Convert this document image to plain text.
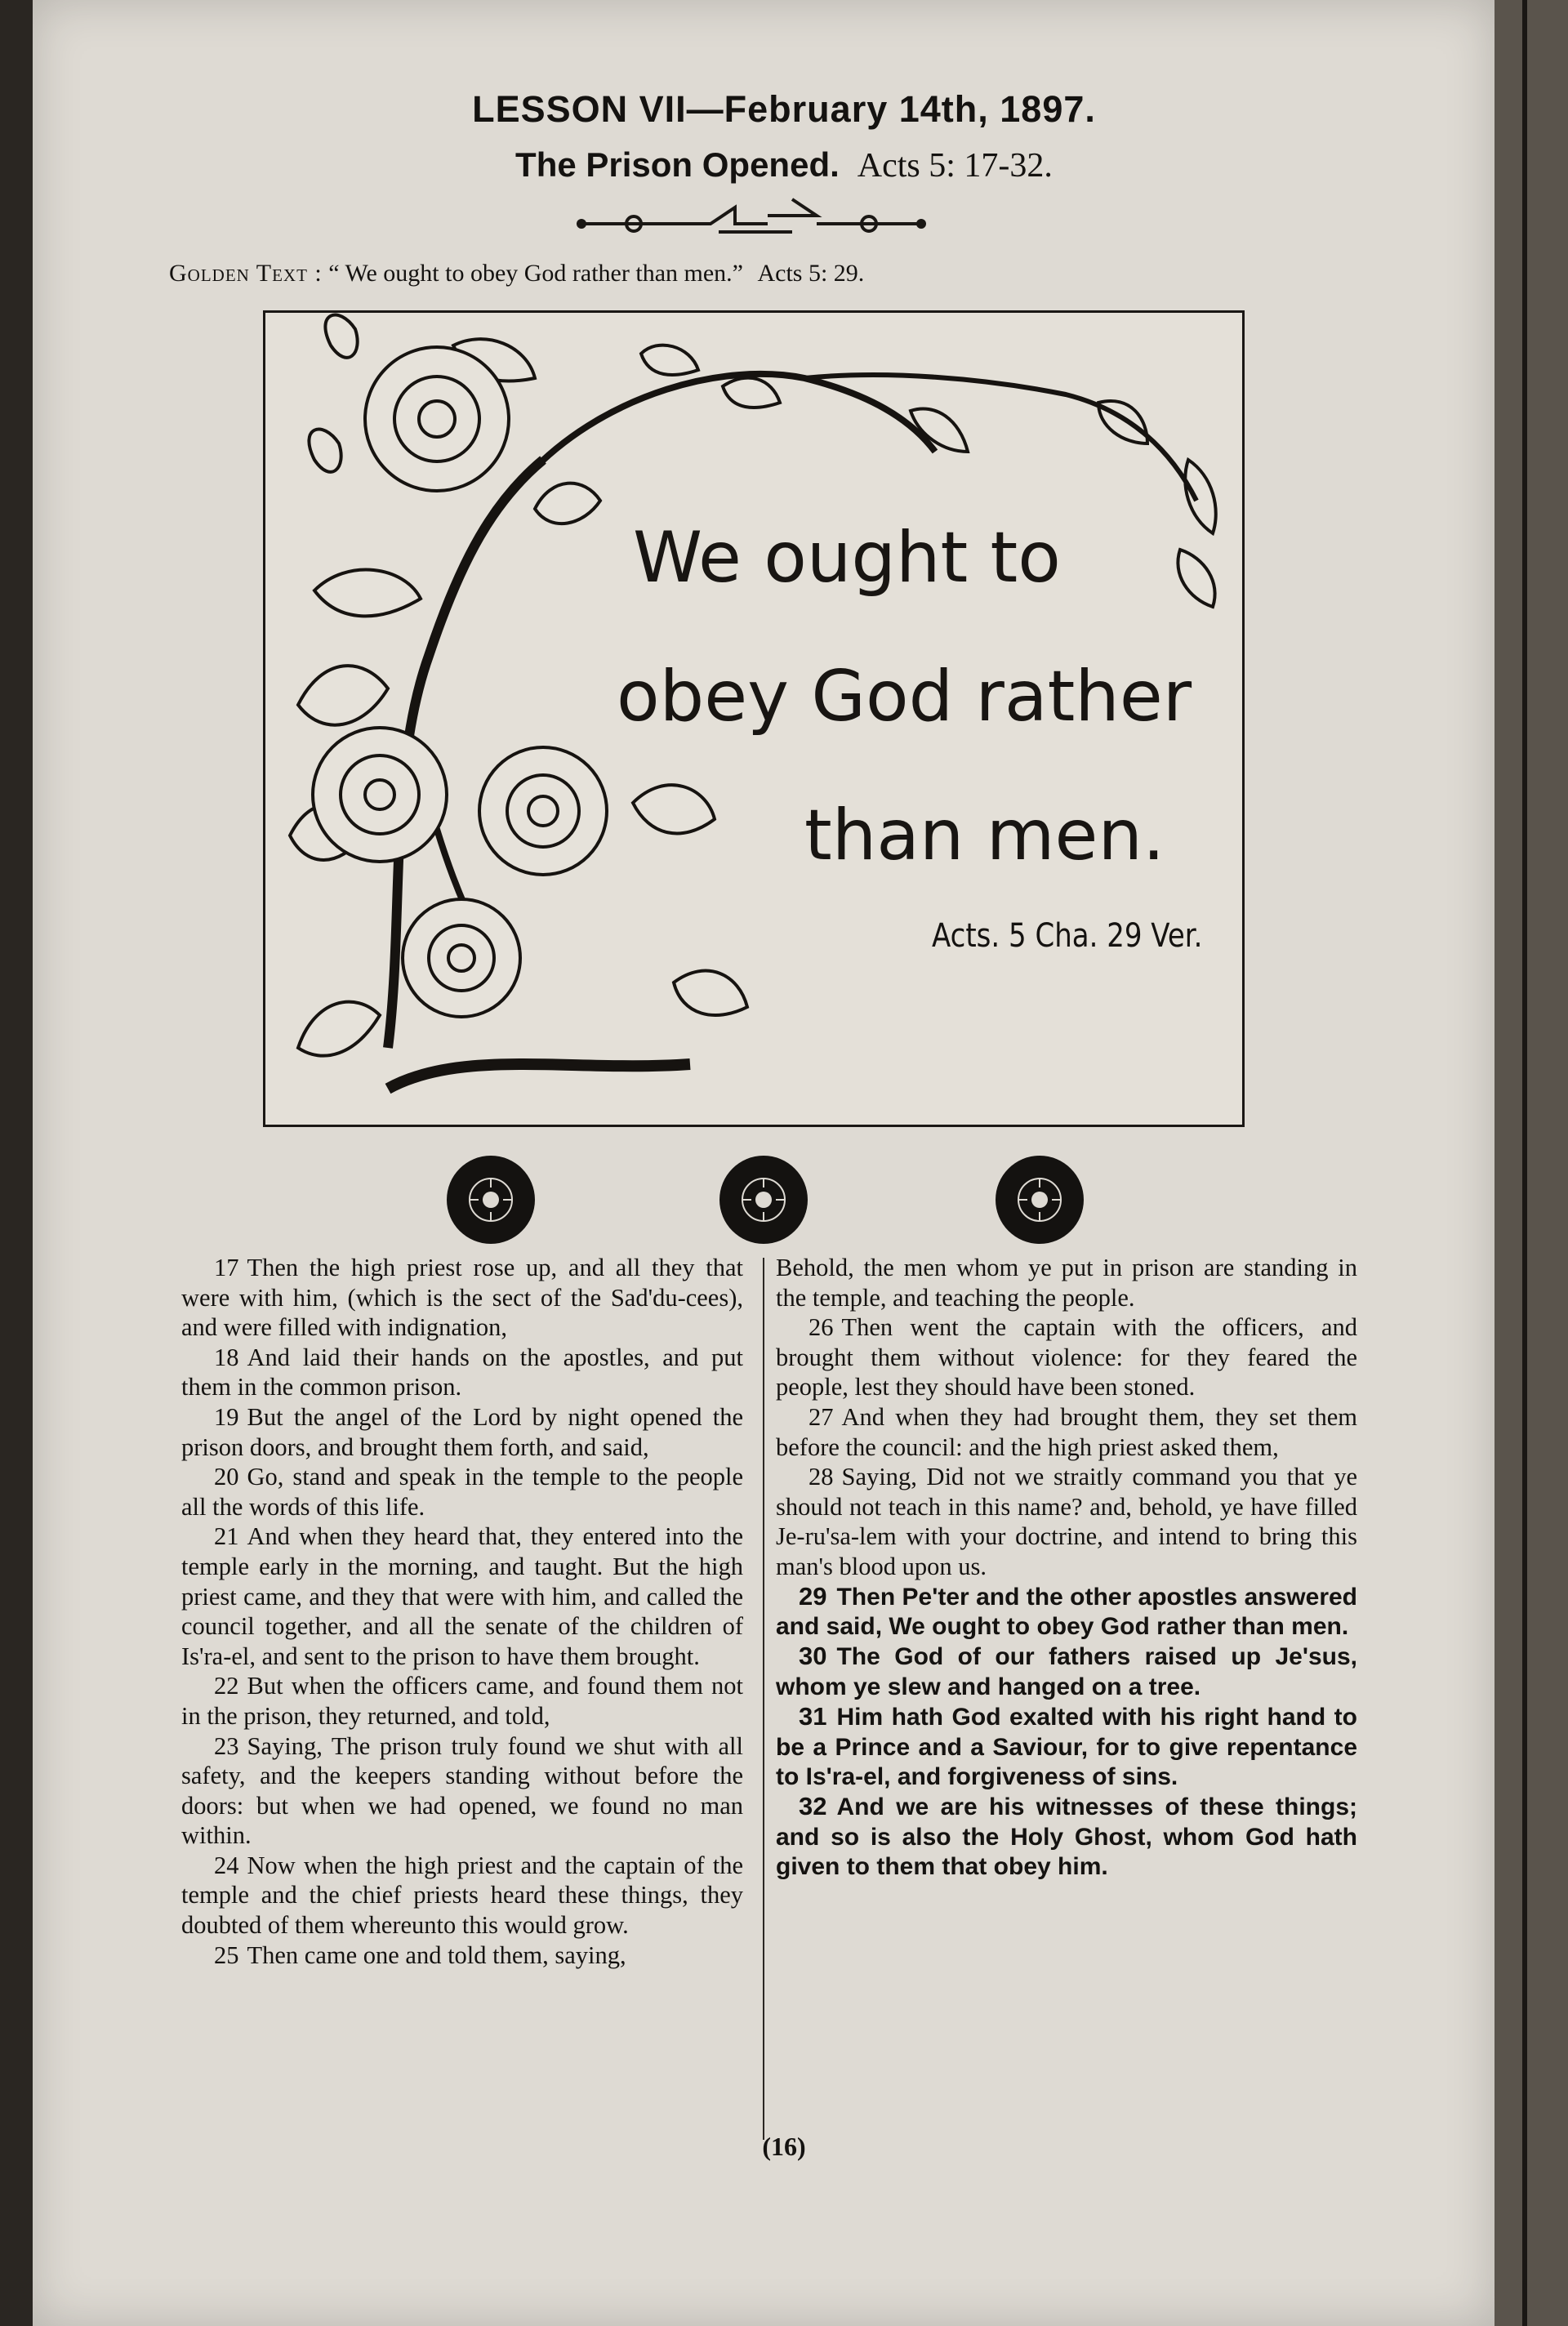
LESSON VII—February 14th, 1897.
The Prison Opened. Acts 5: 17-32.
Golden Text : “ We ought to obey God rather than men.” Acts 5: 29.
We ought to
obey God rather
than men.
Acts. 5 Cha. 29 Ver.

17 Then the high priest rose up, and all they that were with him, (which is the sect of the Sad'du-cees), and were filled with indignation,

18 And laid their hands on the apostles, and put them in the common prison.

19 But the angel of the Lord by night opened the prison doors, and brought them forth, and said,

20 Go, stand and speak in the temple to the people all the words of this life.

21 And when they heard that, they entered into the temple early in the morning, and taught. But the high priest came, and they that were with him, and called the council together, and all the senate of the children of Is'ra-el, and sent to the prison to have them brought.

22 But when the officers came, and found them not in the prison, they returned, and told,

23 Saying, The prison truly found we shut with all safety, and the keepers standing without before the doors: but when we had opened, we found no man within.

24 Now when the high priest and the captain of the temple and the chief priests heard these things, they doubted of them whereunto this would grow.

25 Then came one and told them, saying,

Behold, the men whom ye put in prison are standing in the temple, and teaching the people.

26 Then went the captain with the officers, and brought them without violence: for they feared the people, lest they should have been stoned.

27 And when they had brought them, they set them before the council: and the high priest asked them,

28 Saying, Did not we straitly command you that ye should not teach in this name? and, behold, ye have filled Je-ru'sa-lem with your doctrine, and intend to bring this man's blood upon us.

29 Then Pe'ter and the other apostles answered and said, We ought to obey God rather than men.

30 The God of our fathers raised up Je'sus, whom ye slew and hanged on a tree.

31 Him hath God exalted with his right hand to be a Prince and a Saviour, for to give repentance to Is'ra-el, and forgiveness of sins.

32 And we are his witnesses of these things; and so is also the Holy Ghost, whom God hath given to them that obey him.

(16)
